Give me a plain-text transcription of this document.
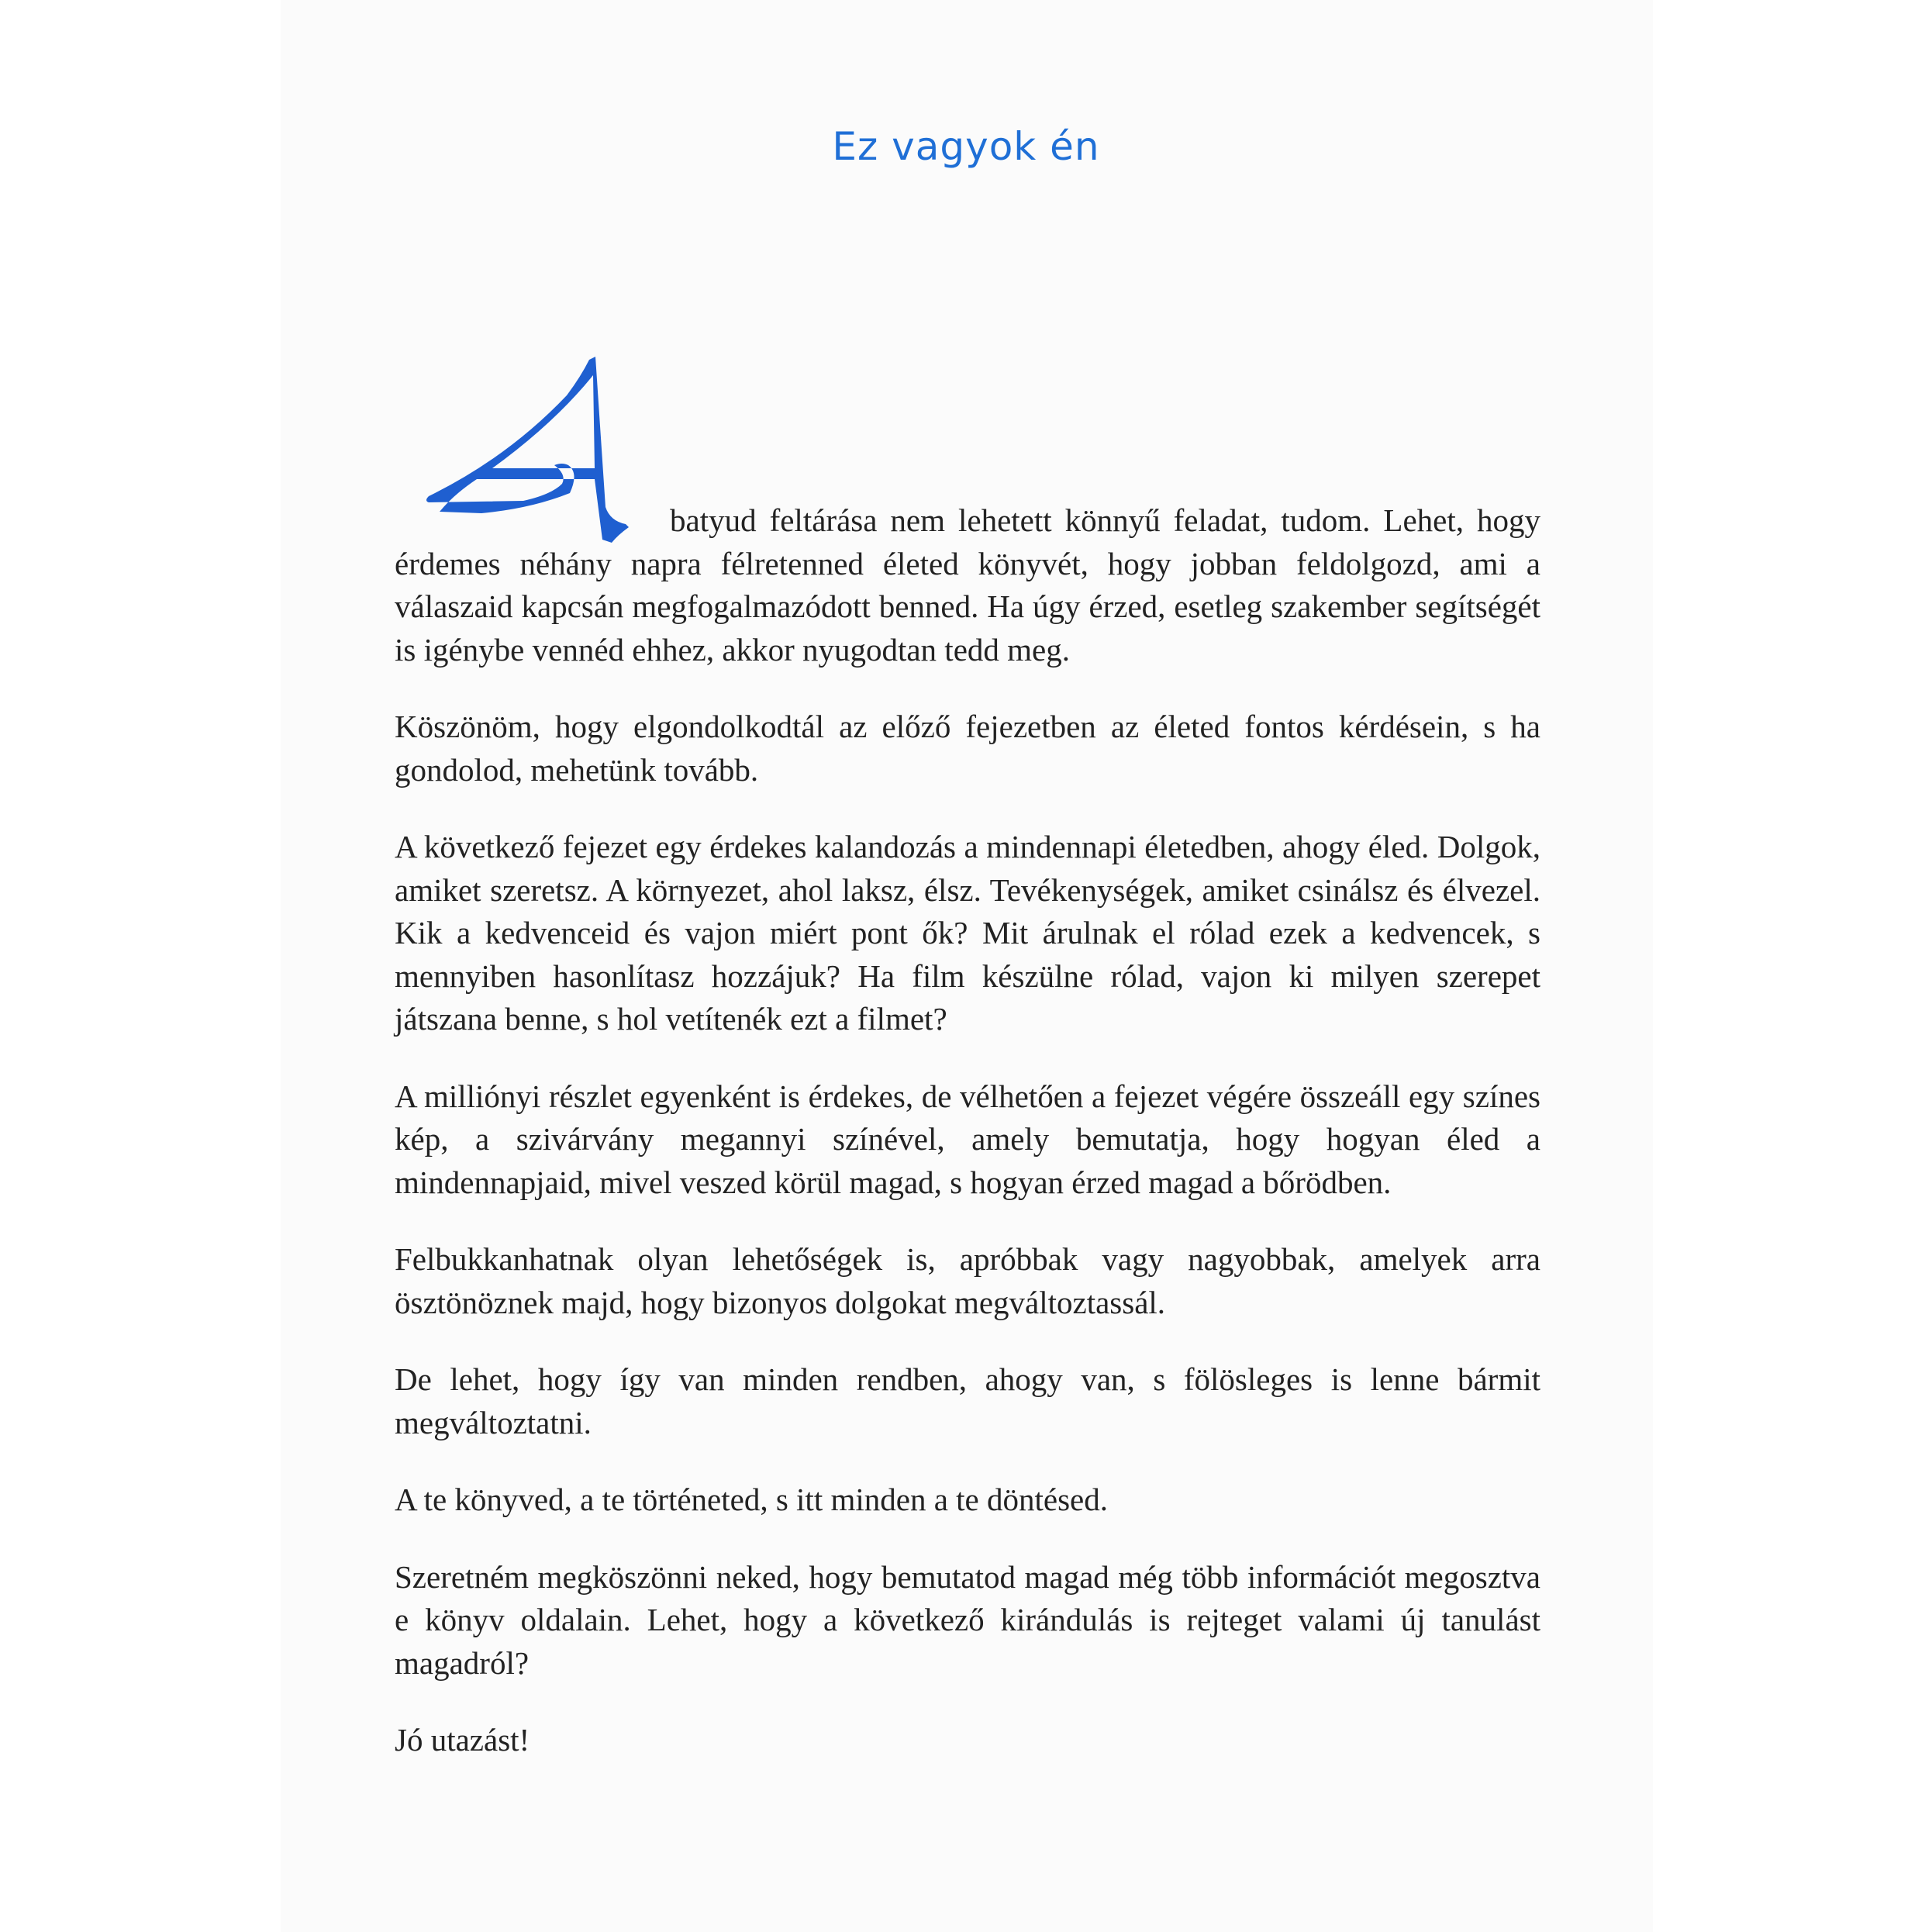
Ez vagyok én

batyud feltárása nem lehetett könnyű feladat, tudom. Lehet, hogy érdemes néhány napra félretenned életed könyvét, hogy jobban feldolgozd, ami a válaszaid kapcsán megfogalmazódott benned. Ha úgy érzed, esetleg szakember segítségét is igénybe vennéd ehhez, akkor nyugodtan tedd meg.

Köszönöm, hogy elgondolkodtál az előző fejezetben az életed fontos kérdésein, s ha gondolod, mehetünk tovább.

A következő fejezet egy érdekes kalandozás a mindennapi életedben, ahogy éled. Dolgok, amiket szeretsz. A környezet, ahol laksz, élsz. Tevékenységek, amiket csinálsz és élvezel. Kik a kedvenceid és vajon miért pont ők? Mit árulnak el rólad ezek a kedvencek, s mennyiben hasonlítasz hozzájuk? Ha film készülne rólad, vajon ki milyen szerepet játszana benne, s hol vetítenék ezt a filmet?

A milliónyi részlet egyenként is érdekes, de vélhetően a fejezet végére összeáll egy színes kép, a szivárvány megannyi színével, amely bemutatja, hogy hogyan éled a mindennapjaid, mivel veszed körül magad, s hogyan érzed magad a bőrödben.

Felbukkanhatnak olyan lehetőségek is, apróbbak vagy nagyobbak, amelyek arra ösztönöznek majd, hogy bizonyos dolgokat megváltoztassál.

De lehet, hogy így van minden rendben, ahogy van, s fölösleges is lenne bármit megváltoztatni.

A te könyved, a te történeted, s itt minden a te döntésed.

Szeretném megköszönni neked, hogy bemutatod magad még több információt megosztva e könyv oldalain. Lehet, hogy a következő kirándulás is rejteget valami új tanulást magadról?

Jó utazást!
